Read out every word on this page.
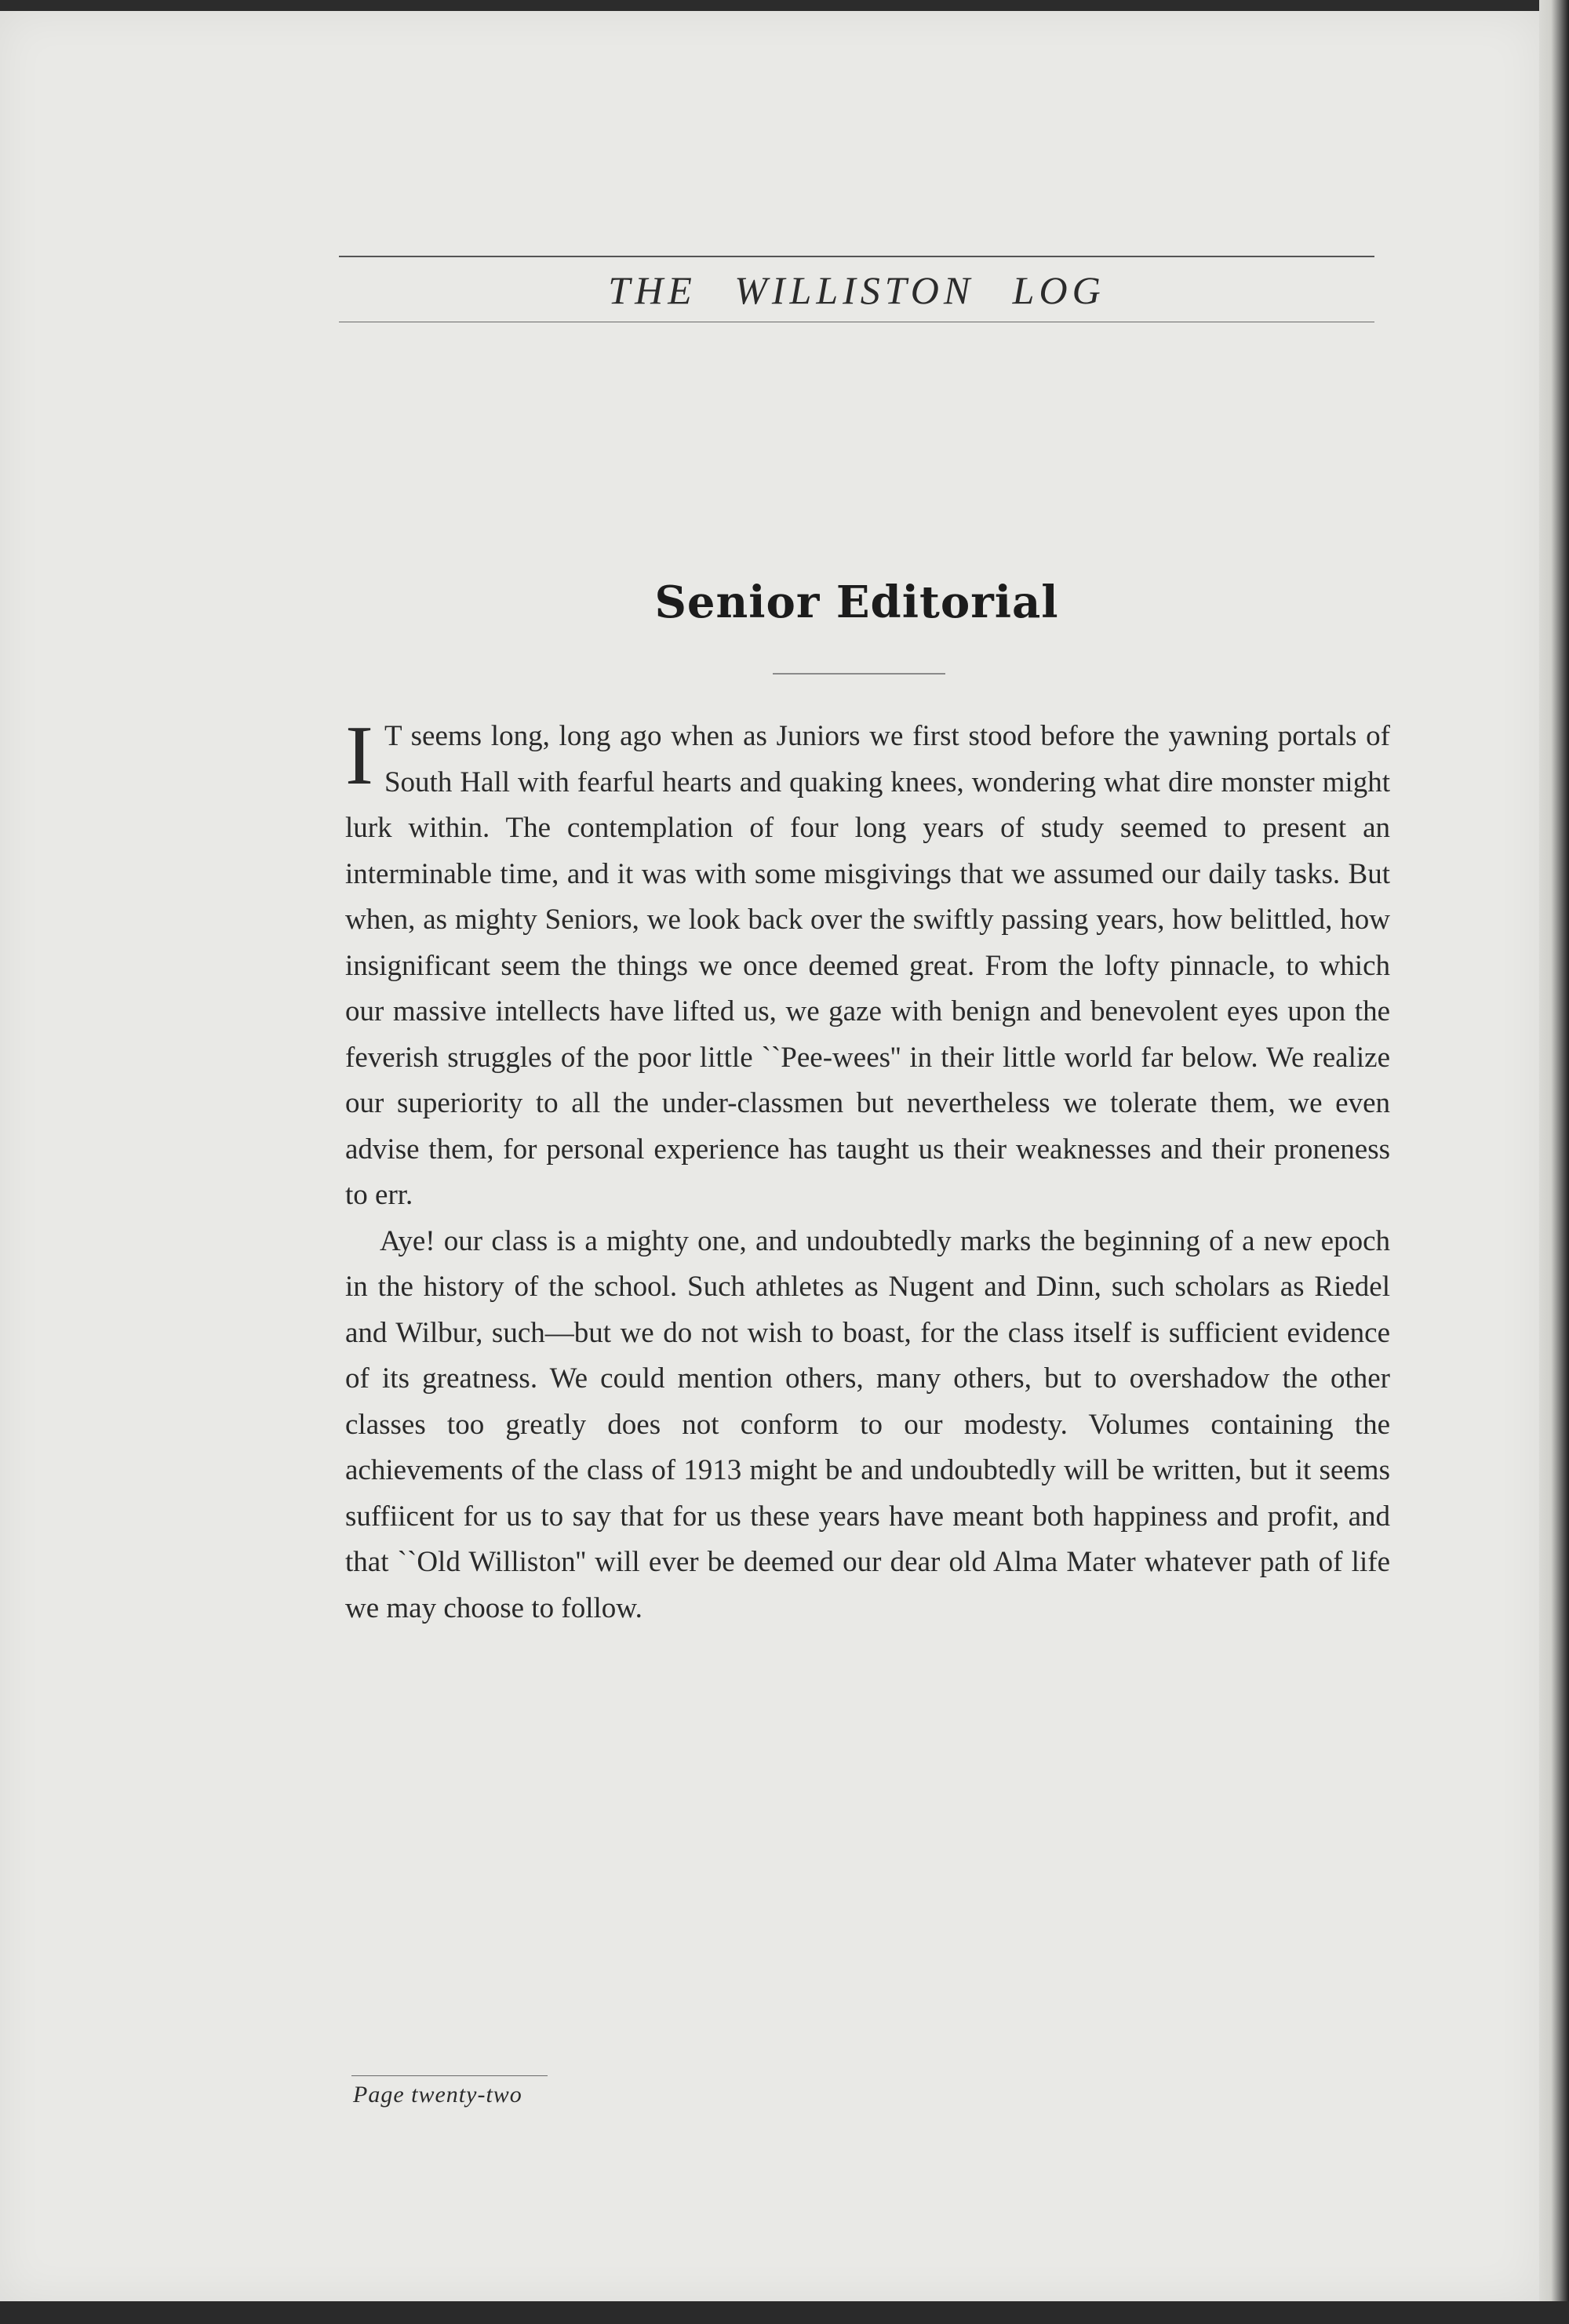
THE WILLISTON LOG
Senior Editorial

I T seems long, long ago when as Juniors we first stood before the yawning portals of South Hall with fearful hearts and quaking knees, wondering what dire monster might lurk within. The contemplation of four long years of study seemed to present an interminable time, and it was with some misgivings that we assumed our daily tasks. But when, as mighty Seniors, we look back over the swiftly passing years, how belittled, how insignificant seem the things we once deemed great. From the lofty pinnacle, to which our massive intellects have lifted us, we gaze with benign and benevolent eyes upon the feverish struggles of the poor little ``Pee-wees'' in their little world far below. We realize our superiority to all the under-classmen but nevertheless we tolerate them, we even advise them, for personal experience has taught us their weaknesses and their proneness to err.

Aye! our class is a mighty one, and undoubtedly marks the beginning of a new epoch in the history of the school. Such athletes as Nugent and Dinn, such scholars as Riedel and Wilbur, such—but we do not wish to boast, for the class itself is sufficient evidence of its greatness. We could mention others, many others, but to overshadow the other classes too greatly does not conform to our modesty. Volumes containing the achievements of the class of 1913 might be and undoubtedly will be written, but it seems suffiicent for us to say that for us these years have meant both happiness and profit, and that ``Old Williston'' will ever be deemed our dear old Alma Mater whatever path of life we may choose to follow.

Page twenty-two
